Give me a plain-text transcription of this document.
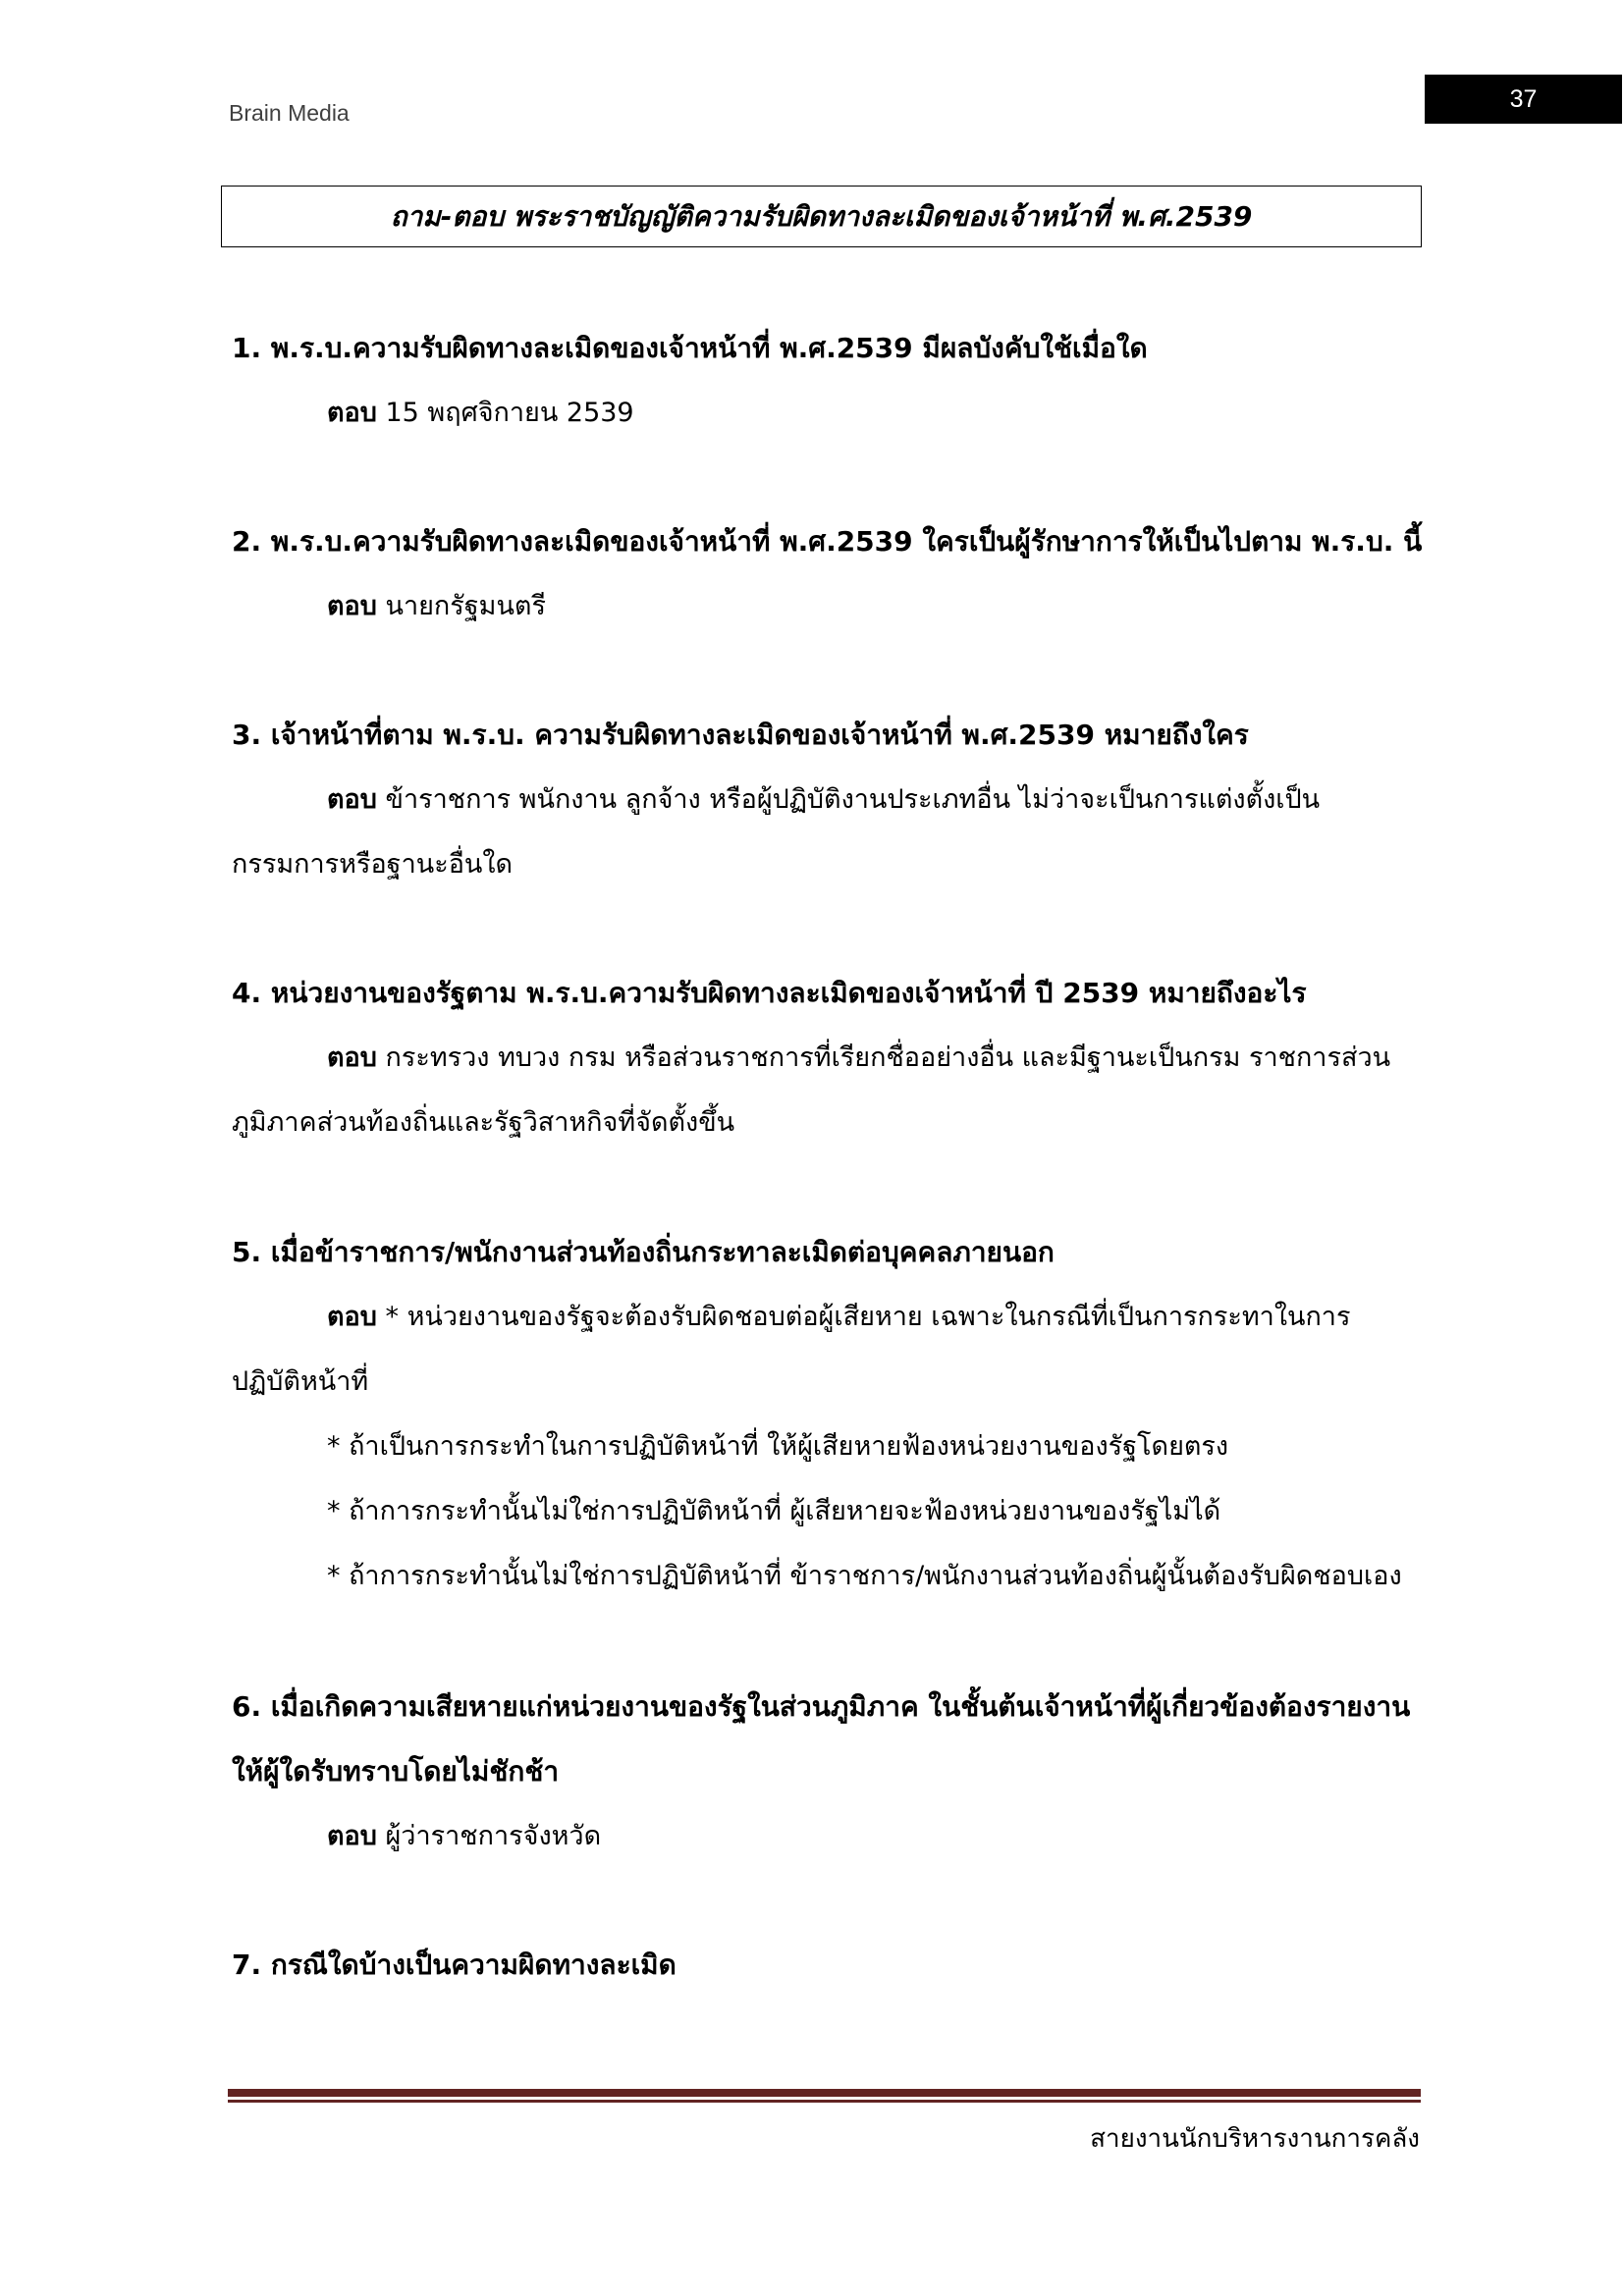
Brain Media
37
ถาม-ตอบ พระราชบัญญัติความรับผิดทางละเมิดของเจ้าหน้าที่ พ.ศ.2539
1. พ.ร.บ.ความรับผิดทางละเมิดของเจ้าหน้าที่ พ.ศ.2539 มีผลบังคับใช้เมื่อใด
ตอบ 15 พฤศจิกายน 2539
2. พ.ร.บ.ความรับผิดทางละเมิดของเจ้าหน้าที่ พ.ศ.2539 ใครเป็นผู้รักษาการให้เป็นไปตาม พ.ร.บ. นี้
ตอบ นายกรัฐมนตรี
3. เจ้าหน้าที่ตาม พ.ร.บ. ความรับผิดทางละเมิดของเจ้าหน้าที่ พ.ศ.2539 หมายถึงใคร
ตอบ ข้าราชการ พนักงาน ลูกจ้าง หรือผู้ปฏิบัติงานประเภทอื่น ไม่ว่าจะเป็นการแต่งตั้งเป็น
กรรมการหรือฐานะอื่นใด
4. หน่วยงานของรัฐตาม พ.ร.บ.ความรับผิดทางละเมิดของเจ้าหน้าที่ ปี 2539 หมายถึงอะไร
ตอบ กระทรวง ทบวง กรม หรือส่วนราชการที่เรียกชื่ออย่างอื่น และมีฐานะเป็นกรม ราชการส่วน
ภูมิภาคส่วนท้องถิ่นและรัฐวิสาหกิจที่จัดตั้งขึ้น
5. เมื่อข้าราชการ/พนักงานส่วนท้องถิ่นกระทาละเมิดต่อบุคคลภายนอก
ตอบ * หน่วยงานของรัฐจะต้องรับผิดชอบต่อผู้เสียหาย เฉพาะในกรณีที่เป็นการกระทาในการ
ปฏิบัติหน้าที่
* ถ้าเป็นการกระทำในการปฏิบัติหน้าที่ ให้ผู้เสียหายฟ้องหน่วยงานของรัฐโดยตรง
* ถ้าการกระทำนั้นไม่ใช่การปฏิบัติหน้าที่ ผู้เสียหายจะฟ้องหน่วยงานของรัฐไม่ได้
* ถ้าการกระทำนั้นไม่ใช่การปฏิบัติหน้าที่ ข้าราชการ/พนักงานส่วนท้องถิ่นผู้นั้นต้องรับผิดชอบเอง
6. เมื่อเกิดความเสียหายแก่หน่วยงานของรัฐในส่วนภูมิภาค ในชั้นต้นเจ้าหน้าที่ผู้เกี่ยวข้องต้องรายงาน
ให้ผู้ใดรับทราบโดยไม่ชักช้า
ตอบ ผู้ว่าราชการจังหวัด
7. กรณีใดบ้างเป็นความผิดทางละเมิด
สายงานนักบริหารงานการคลัง
